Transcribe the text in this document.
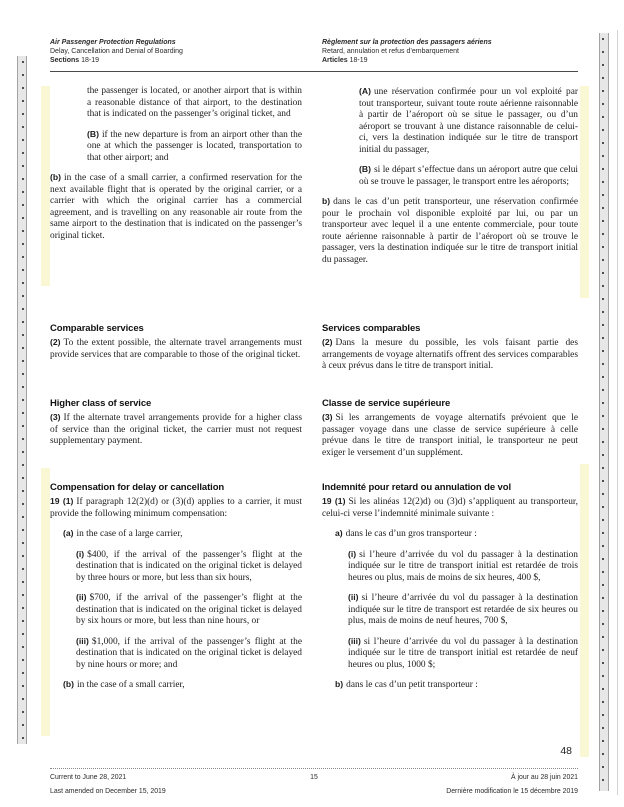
Air Passenger Protection Regulations
Delay, Cancellation and Denial of Boarding
Sections 18-19
Règlement sur la protection des passagers aériens
Retard, annulation et refus d’embarquement
Articles 18-19

the passenger is located, or another airport that is within a reasonable distance of that airport, to the destination that is indicated on the passenger’s original ticket, and

(B) if the new departure is from an airport other than the one at which the passenger is located, transportation to that other airport; and

(b) in the case of a small carrier, a confirmed reservation for the next available flight that is operated by the original carrier, or a carrier with which the original carrier has a commercial agreement, and is travelling on any reasonable air route from the same airport to the destination that is indicated on the passenger’s original ticket.

(A) une réservation confirmée pour un vol exploité par tout transporteur, suivant toute route aérienne raisonnable à partir de l’aéroport où se situe le passager, ou d’un aéroport se trouvant à une distance raisonnable de celui-ci, vers la destination indiquée sur le titre de transport initial du passager,

(B) si le départ s’effectue dans un aéroport autre que celui où se trouve le passager, le transport entre les aéroports;

b) dans le cas d’un petit transporteur, une réservation confirmée pour le prochain vol disponible exploité par lui, ou par un transporteur avec lequel il a une entente commerciale, pour toute route aérienne raisonnable à partir de l’aéroport où se trouve le passager, vers la destination indiquée sur le titre de transport initial du passager.

Comparable services

(2) To the extent possible, the alternate travel arrangements must provide services that are comparable to those of the original ticket.

Services comparables

(2) Dans la mesure du possible, les vols faisant partie des arrangements de voyage alternatifs offrent des services comparables à ceux prévus dans le titre de transport initial.

Higher class of service

(3) If the alternate travel arrangements provide for a higher class of service than the original ticket, the carrier must not request supplementary payment.

Classe de service supérieure

(3) Si les arrangements de voyage alternatifs prévoient que le passager voyage dans une classe de service supérieure à celle prévue dans le titre de transport initial, le transporteur ne peut exiger le versement d’un supplément.

Compensation for delay or cancellation

19 (1) If paragraph 12(2)(d) or (3)(d) applies to a carrier, it must provide the following minimum compensation:

(a) in the case of a large carrier,

(i) $400, if the arrival of the passenger’s flight at the destination that is indicated on the original ticket is delayed by three hours or more, but less than six hours,

(ii) $700, if the arrival of the passenger’s flight at the destination that is indicated on the original ticket is delayed by six hours or more, but less than nine hours, or

(iii) $1,000, if the arrival of the passenger’s flight at the destination that is indicated on the original ticket is delayed by nine hours or more; and

(b) in the case of a small carrier,

Indemnité pour retard ou annulation de vol

19 (1) Si les alinéas 12(2)d) ou (3)d) s’appliquent au transporteur, celui-ci verse l’indemnité minimale suivante :

a) dans le cas d’un gros transporteur :

(i) si l’heure d’arrivée du vol du passager à la destination indiquée sur le titre de transport initial est retardée de trois heures ou plus, mais de moins de six heures, 400 $,

(ii) si l’heure d’arrivée du vol du passager à la destination indiquée sur le titre de transport est retardée de six heures ou plus, mais de moins de neuf heures, 700 $,

(iii) si l’heure d’arrivée du vol du passager à la destination indiquée sur le titre de transport initial est retardée de neuf heures ou plus, 1000 $;

b) dans le cas d’un petit transporteur :

48
15
Current to June 28, 2021	À jour au 28 juin 2021
Last amended on December 15, 2019	Dernière modification le 15 décembre 2019
